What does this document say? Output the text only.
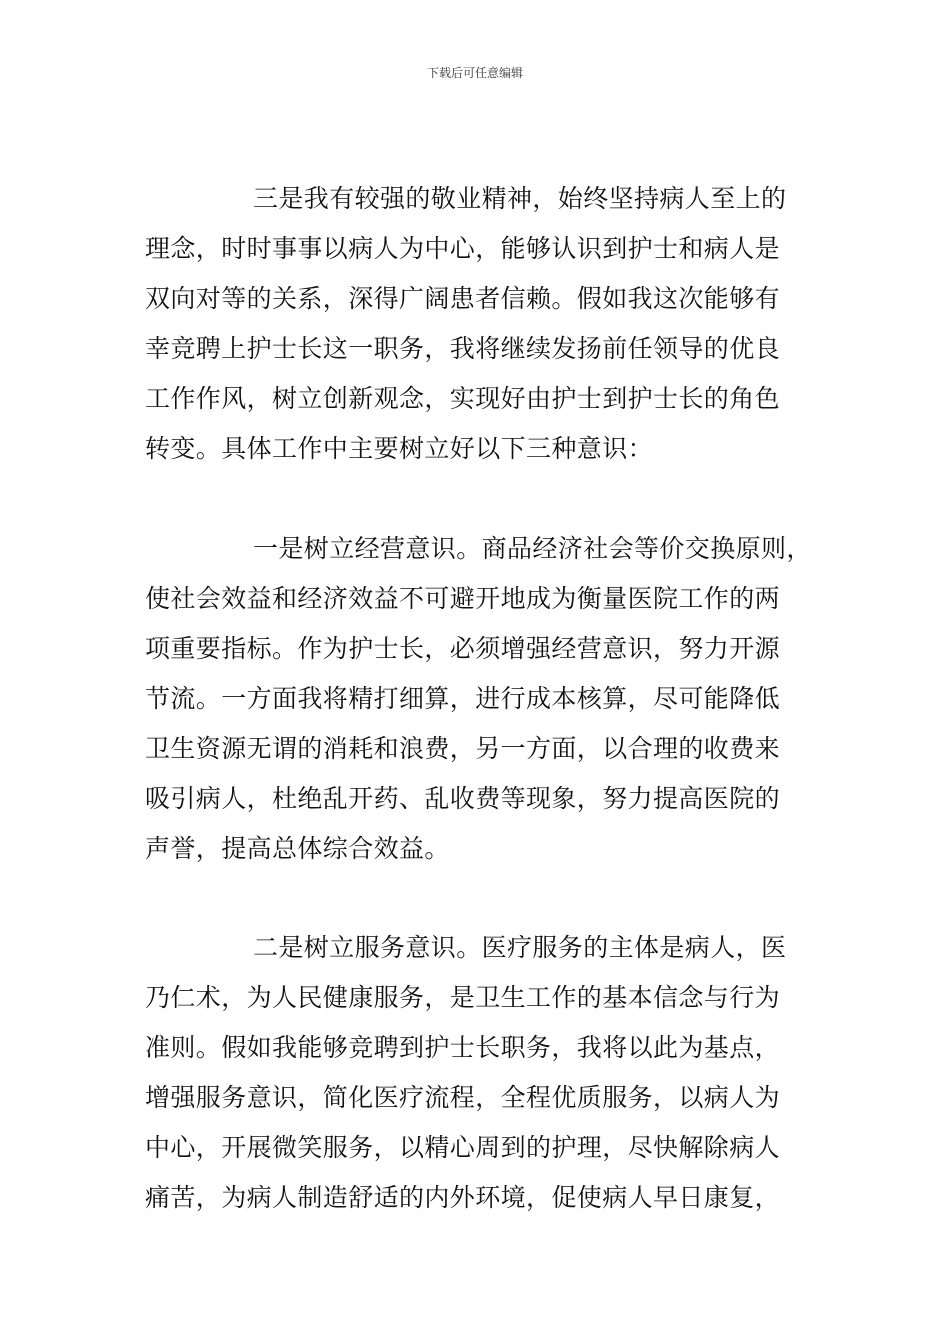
下载后可任意编辑
三是我有较强的敬业精神，始终坚持病人至上的
理念，时时事事以病人为中心，能够认识到护士和病人是
双向对等的关系，深得广阔患者信赖。假如我这次能够有
幸竞聘上护士长这一职务，我将继续发扬前任领导的优良
工作作风，树立创新观念，实现好由护士到护士长的角色
转变。具体工作中主要树立好以下三种意识：
一是树立经营意识。商品经济社会等价交换原则，
使社会效益和经济效益不可避开地成为衡量医院工作的两
项重要指标。作为护士长，必须增强经营意识，努力开源
节流。一方面我将精打细算，进行成本核算，尽可能降低
卫生资源无谓的消耗和浪费，另一方面，以合理的收费来
吸引病人，杜绝乱开药、乱收费等现象，努力提高医院的
声誉，提高总体综合效益。
二是树立服务意识。医疗服务的主体是病人，医
乃仁术，为人民健康服务，是卫生工作的基本信念与行为
准则。假如我能够竞聘到护士长职务，我将以此为基点，
增强服务意识，简化医疗流程，全程优质服务，以病人为
中心，开展微笑服务，以精心周到的护理，尽快解除病人
痛苦，为病人制造舒适的内外环境，促使病人早日康复，
